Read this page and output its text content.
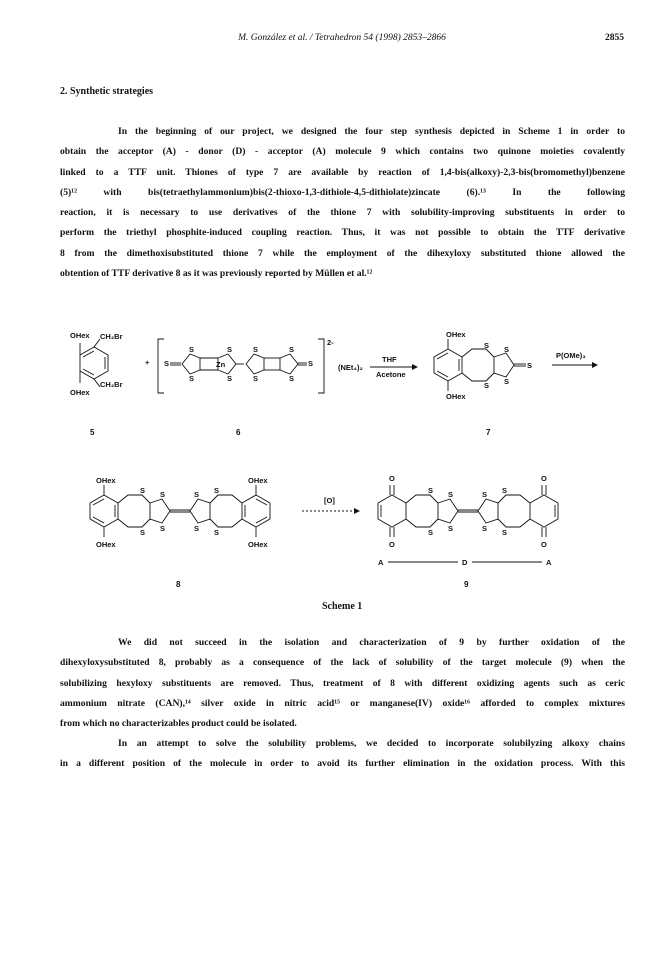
M. González et al. / Tetrahedron 54 (1998) 2853–2866	2855
2. Synthetic strategies
In the beginning of our project, we designed the four step synthesis depicted in Scheme 1 in order to
obtain the acceptor (A) - donor (D) - acceptor (A) molecule 9 which contains two quinone moieties covalently
linked to a TTF unit. Thiones of type 7 are available by reaction of 1,4-bis(alkoxy)-2,3-bis(bromomethyl)benzene
(5)¹² with bis(tetraethylammonium)bis(2-thioxo-1,3-dithiole-4,5-dithiolate)zincate (6).¹³ In the following
reaction, it is necessary to use derivatives of the thione 7 with solubility-improving substituents in order to
perform the triethyl phosphite-induced coupling reaction. Thus, it was not possible to obtain the TTF derivative
8 from the dimethoxisubstituted thione 7 while the employment of the dihexyloxy substituted thione allowed the
obtention of TTF derivative 8 as it was previously reported by Müllen et al.¹²
OHex
OHex
CH₂Br
CH₂Br
+ S	Zn	S
S
S
S
S
S
S
S
S
2-
(NEt₄)₂
THF
Acetone
S
S
S
S
S
OHex
OHex
P(OMe)₃
5	6	7
S
S
S
S
S
S
S
S
OHex
OHex
OHex
OHex
[O]
S
S
S
S
S
S
S
S
O
O
O
O
A	D	A
8	9
Scheme 1
We did not succeed in the isolation and characterization of 9 by further oxidation of the
dihexyloxysubstituted 8, probably as a consequence of the lack of solubility of the target molecule (9) when the
solubilizing hexyloxy substituents are removed. Thus, treatment of 8 with different oxidizing agents such as ceric
ammonium nitrate (CAN),¹⁴ silver oxide in nitric acid¹⁵ or manganese(IV) oxide¹⁶ afforded to complex mixtures
from which no characterizables product could be isolated.
In an attempt to solve the solubility problems, we decided to incorporate solubilyzing alkoxy chains
in a different position of the molecule in order to avoid its further elimination in the oxidation process. With this
